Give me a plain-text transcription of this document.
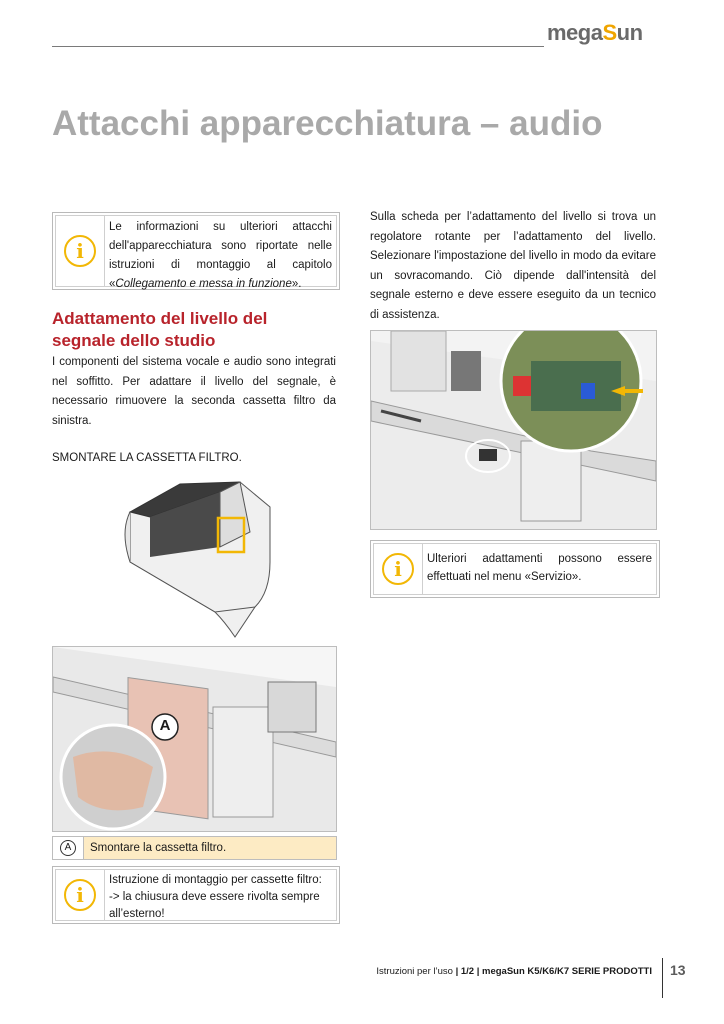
megaSun
Attacchi apparecchiatura – audio
i
Le informazioni su ulteriori attacchi dell'apparecchiatura sono riportate nelle istruzioni di montaggio al capitolo «Collegamento e messa in funzione».
Adattamento del livello del segnale dello studio
I componenti del sistema vocale e audio sono integrati nel soffitto. Per adattare il livello del segnale, è necessario rimuovere la seconda cassetta filtro da sinistra.
SMONTARE LA CASSETTA FILTRO.
A
A	Smontare la cassetta filtro.
i
Istruzione di montaggio per cassette filtro:
-> la chiusura deve essere rivolta sempre all’esterno!
Sulla scheda per l’adattamento del livello si trova un regolatore rotante per l’adattamento del livello. Selezionare l'impostazione del livello in modo da evitare un sovracomando. Ciò dipende dall'intensità del segnale esterno e deve essere eseguito da un tecnico di assistenza.
i	Ulteriori adattamenti possono essere effettuati nel menu «Servizio».
Istruzioni per l’uso | 1/2 | megaSun K5/K6/K7 SERIE PRODOTTI 13
